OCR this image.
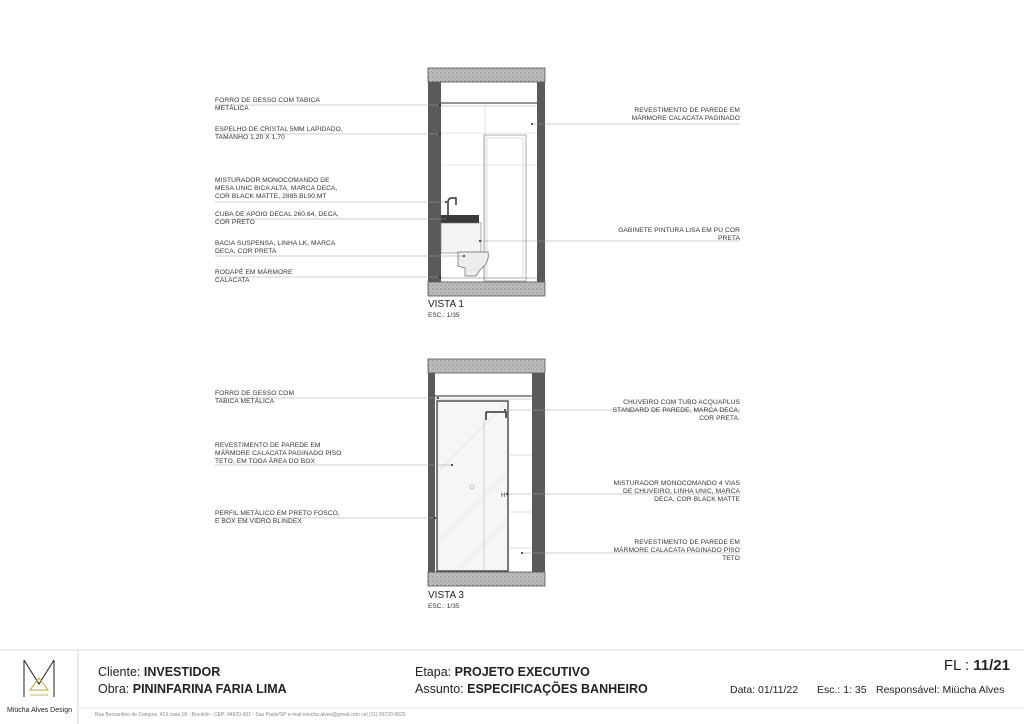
H
FORRO DE GESSO COM TABICA
METÁLICA
ESPELHO DE CRISTAL 5MM LAPIDADO,
TAMANHO 1,20 X 1.70
MISTURADOR MONOCOMANDO DE
MESA UNIC BICA ALTA, MARCA DECA,
COR BLACK MATTE, 2885.BL90.MT
CUBA DE APOIO DECAL 260.64, DECA,
COR PRETO
BACIA SUSPENSA, LINHA LK, MARCA
DECA, COR PRETA
RODAPÉ EM MÁRMORE
CALACATA
REVESTIMENTO DE PAREDE EM
MÁRMORE CALACATA PAGINADO
GABINETE PINTURA LISA EM PU COR
PRETA
VISTA 1
ESC.: 1/35
FORRO DE GESSO COM
TABICA METÁLICA
REVESTIMENTO DE PAREDE EM
MÁRMORE CALACATA PAGINADO PISO
TETO, EM TODA ÁREA DO BOX
PERFIL METÁLICO EM PRETO FOSCO,
E BOX EM VIDRO BLINDEX
CHUVEIRO COM TUBO ACQUAPLUS
STANDARD DE PAREDE, MARCA DECA,
COR PRETA.
MISTURADOR MONOCOMANDO 4 VIAS
DE CHUVEIRO, LINHA UNIC, MARCA
DECA, COR BLACK MATTE
REVESTIMENTO DE PAREDE EM
MÁRMORE CALACATA PAGINADO PISO
TETO
VISTA 3
ESC.: 1/35
Miücha Alves Design
Cliente: INVESTIDOR
Obra: PININFARINA FARIA LIMA
Etapa: PROJETO EXECUTIVO
Assunto: ESPECIFICAÇÕES BANHEIRO
FL : 11/21
Data: 01/11/22 Esc.: 1: 35 Responsável: Miücha Alves
Rua Bernardino de Campos, 413 casa 18 - Brooklin - CEP: 04620-001 - Sao Paulo/SP e-mail:miucha.alves@gmail.com cel (11) 99720-5626
